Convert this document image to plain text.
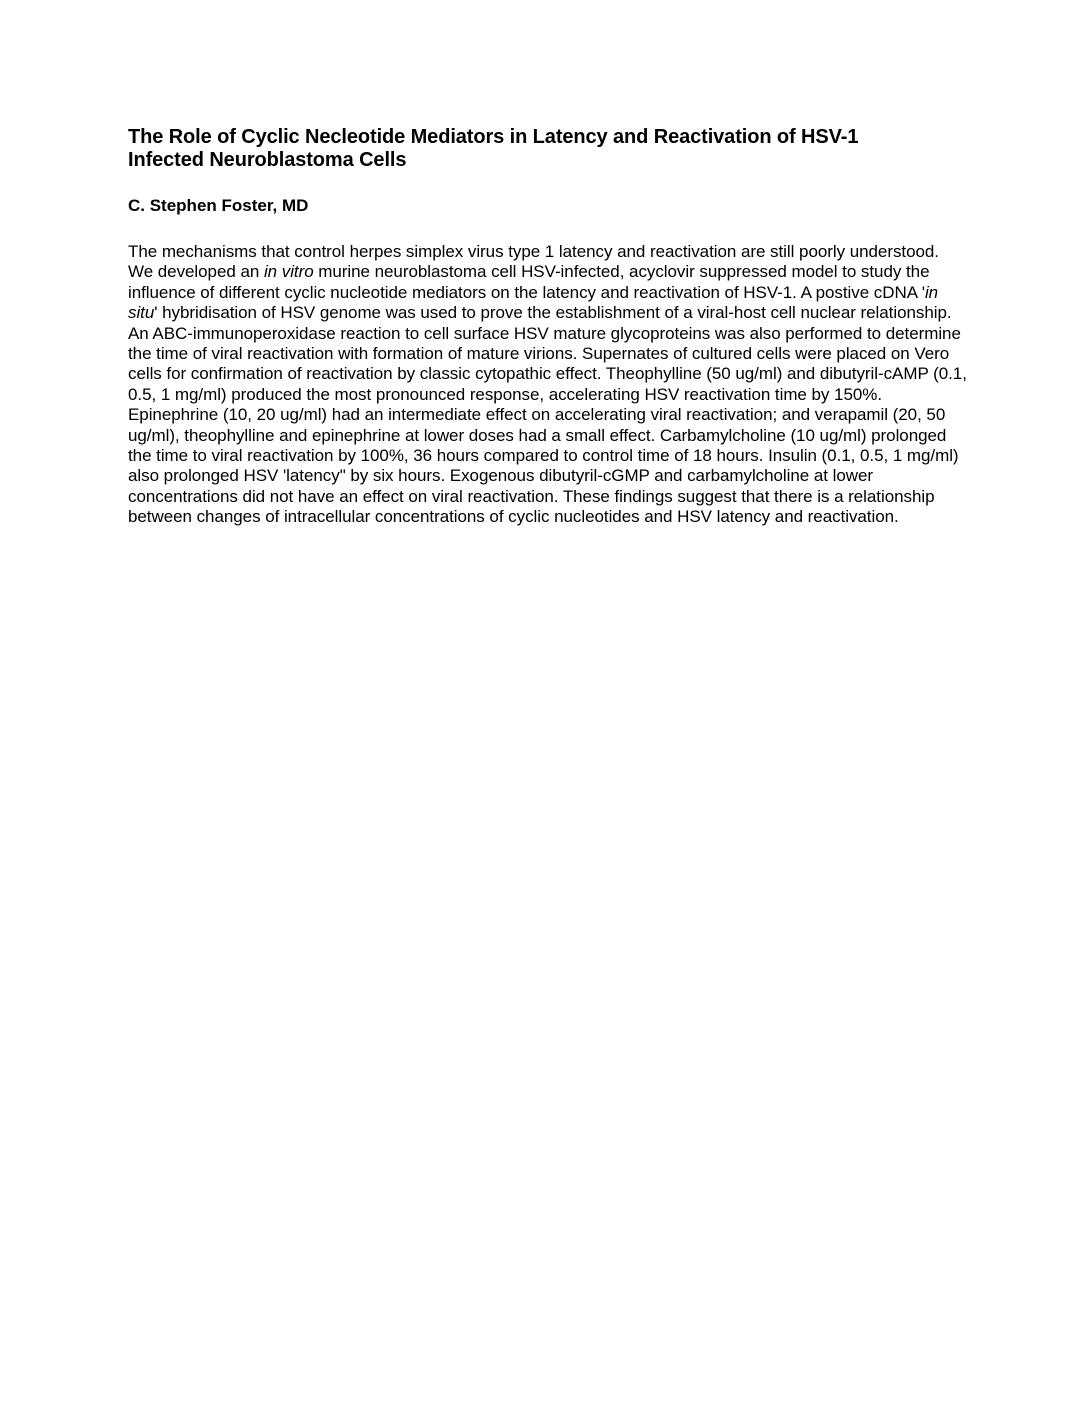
The Role of Cyclic Necleotide Mediators in Latency and Reactivation of HSV-1
Infected Neuroblastoma Cells

C. Stephen Foster, MD

The mechanisms that control herpes simplex virus type 1 latency and reactivation are still poorly understood. We developed an in vitro murine neuroblastoma cell HSV-infected, acyclovir suppressed model to study the influence of different cyclic nucleotide mediators on the latency and reactivation of HSV-1. A postive cDNA 'in situ' hybridisation of HSV genome was used to prove the establishment of a viral-host cell nuclear relationship. An ABC-immunoperoxidase reaction to cell surface HSV mature glycoproteins was also performed to determine the time of viral reactivation with formation of mature virions. Supernates of cultured cells were placed on Vero cells for confirmation of reactivation by classic cytopathic effect. Theophylline (50 ug/ml) and dibutyril-cAMP (0.1, 0.5, 1 mg/ml) produced the most pronounced response, accelerating HSV reactivation time by 150%. Epinephrine (10, 20 ug/ml) had an intermediate effect on accelerating viral reactivation; and verapamil (20, 50 ug/ml), theophylline and epinephrine at lower doses had a small effect. Carbamylcholine (10 ug/ml) prolonged the time to viral reactivation by 100%, 36 hours compared to control time of 18 hours. Insulin (0.1, 0.5, 1 mg/ml) also prolonged HSV 'latency" by six hours. Exogenous dibutyril-cGMP and carbamylcholine at lower concentrations did not have an effect on viral reactivation. These findings suggest that there is a relationship between changes of intracellular concentrations of cyclic nucleotides and HSV latency and reactivation.
